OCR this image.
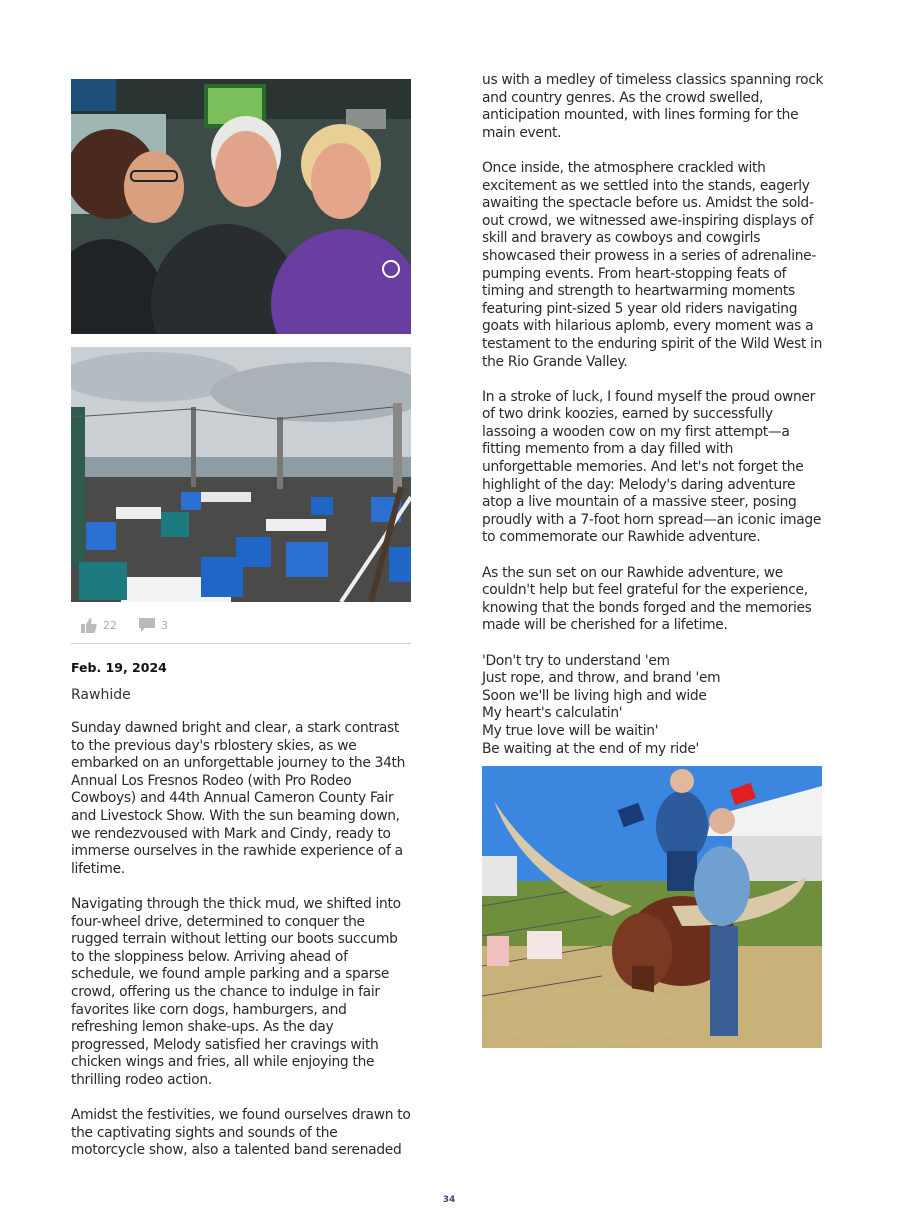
22	3
Feb. 19, 2024
Rawhide

Sunday dawned bright and clear, a stark contrast to the previous day's rblostery skies, as we embarked on an unforgettable journey to the 34th Annual Los Fresnos Rodeo (with Pro Rodeo Cowboys) and 44th Annual Cameron County Fair and Livestock Show. With the sun beaming down, we rendezvoused with Mark and Cindy, ready to immerse ourselves in the rawhide experience of a lifetime.

Navigating through the thick mud, we shifted into four-wheel drive, determined to conquer the rugged terrain without letting our boots succumb to the sloppiness below. Arriving ahead of schedule, we found ample parking and a sparse crowd, offering us the chance to indulge in fair favorites like corn dogs, hamburgers, and refreshing lemon shake-ups. As the day progressed, Melody satisfied her cravings with chicken wings and fries, all while enjoying the thrilling rodeo action.

Amidst the festivities, we found ourselves drawn to the captivating sights and sounds of the motorcycle show, also a talented band serenaded

us with a medley of timeless classics spanning rock and country genres. As the crowd swelled, anticipation mounted, with lines forming for the main event.

Once inside, the atmosphere crackled with excitement as we settled into the stands, eagerly awaiting the spectacle before us. Amidst the sold-out crowd, we witnessed awe-inspiring displays of skill and bravery as cowboys and cowgirls showcased their prowess in a series of adrenaline-pumping events. From heart-stopping feats of timing and strength to heartwarming moments featuring pint-sized 5 year old riders navigating goats with hilarious aplomb, every moment was a testament to the enduring spirit of the Wild West in the Rio Grande Valley.

In a stroke of luck, I found myself the proud owner of two drink koozies, earned by successfully lassoing a wooden cow on my first attempt—a fitting memento from a day filled with unforgettable memories. And let's not forget the highlight of the day: Melody's daring adventure atop a live mountain of a massive steer, posing proudly with a 7-foot horn spread—an iconic image to commemorate our Rawhide adventure.

As the sun set on our Rawhide adventure, we couldn't help but feel grateful for the experience, knowing that the bonds forged and the memories made will be cherished for a lifetime.

'Don't try to understand 'em

Just rope, and throw, and brand 'em

Soon we'll be living high and wide

My heart's calculatin'

My true love will be waitin'

Be waiting at the end of my ride'

34
